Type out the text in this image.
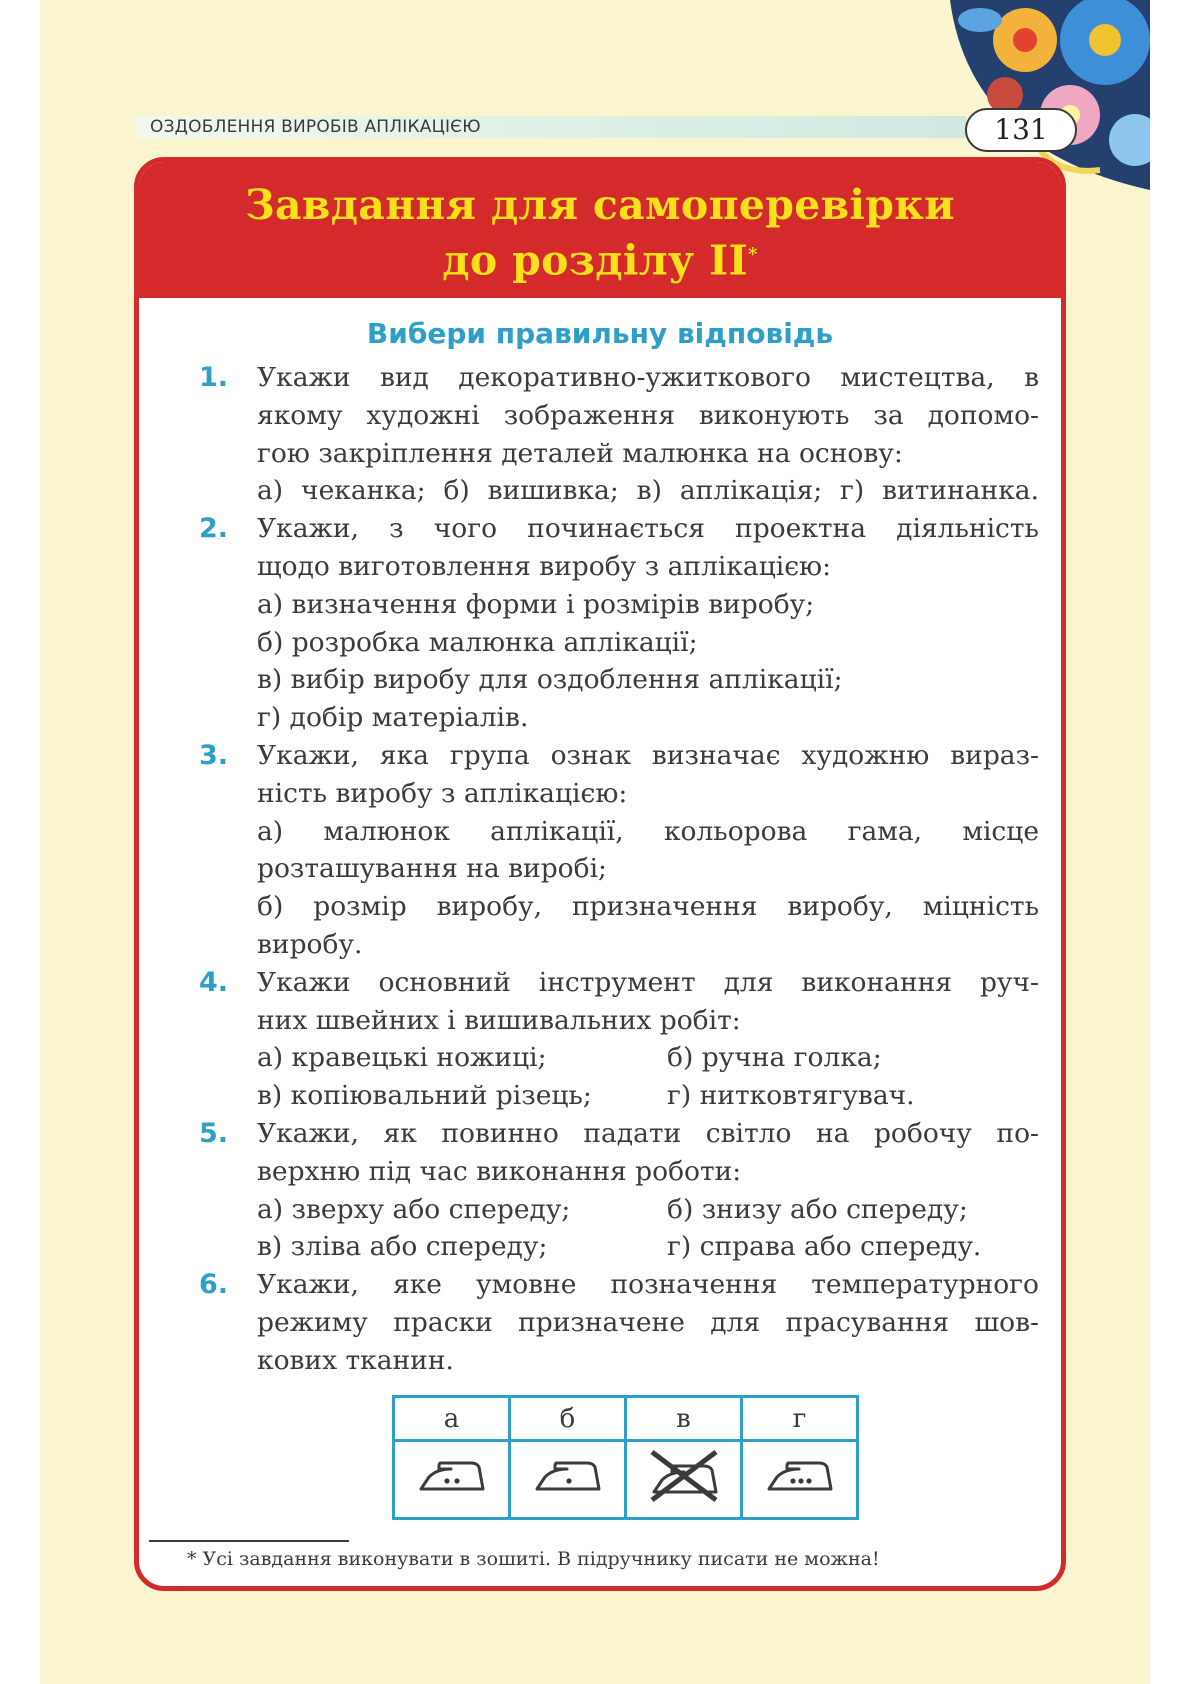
ОЗДОБЛЕННЯ ВИРОБІВ АПЛІКАЦІЄЮ	131
Завдання для самоперевірки
до розділу II*
Вибери правильну відповідь
1. Укажи вид декоративно-ужиткового мистецтва, в
якому художні зображення виконують за допомо-
гою закріплення деталей малюнка на основу:
а) чеканка; б) вишивка; в) аплікація; г) витинанка.
2. Укажи, з чого починається проектна діяльність
щодо виготовлення виробу з аплікацією:
а) визначення форми і розмірів виробу;
б) розробка малюнка аплікації;
в) вибір виробу для оздоблення аплікації;
г) добір матеріалів.
3. Укажи, яка група ознак визначає художню вираз-
ність виробу з аплікацією:
а) малюнок аплікації, кольорова гама, місце
розташування на виробі;
б) розмір виробу, призначення виробу, міцність
виробу.
4. Укажи основний інструмент для виконання руч-
них швейних і вишивальних робіт:
а) кравецькі ножиці;	б) ручна голка;
в) копіювальний різець;	г) нитковтягувач.
5. Укажи, як повинно падати світло на робочу по-
верхню під час виконання роботи:
а) зверху або спереду;	б) знизу або спереду;
в) зліва або спереду;	г) справа або спереду.
6. Укажи, яке умовне позначення температурного
режиму праски призначене для прасування шов-
кових тканин.
а	б	в	г

* Усі завдання виконувати в зошиті. В підручнику писати не можна!
